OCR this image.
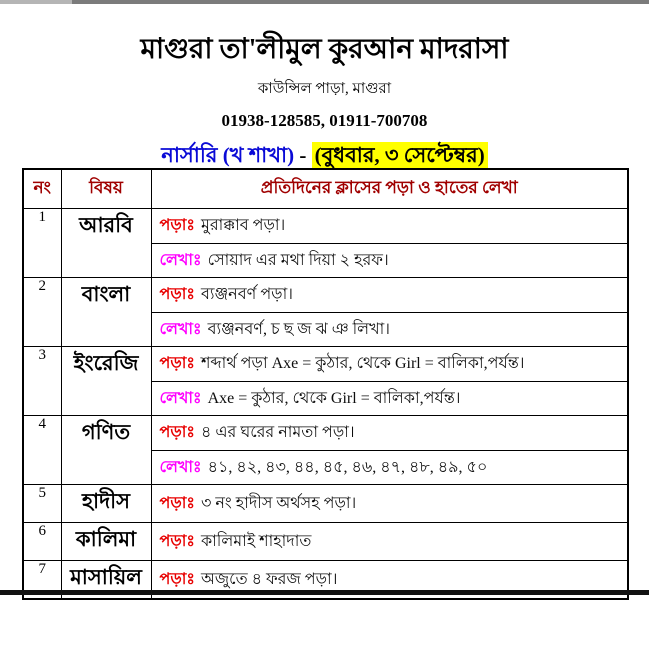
মাগুরা তা'লীমুল কুরআন মাদরাসা
কাউন্সিল পাড়া, মাগুরা
01938-128585, 01911-700708
নার্সারি (খ শাখা) - (বুধবার, ৩ সেপ্টেম্বর)
নং	বিষয়	প্রতিদিনের ক্লাসের পড়া ও হাতের লেখা
1	আরবি	পড়াঃ মুরাক্কাব পড়া।
লেখাঃ সোয়াদ এর মথা দিয়া ২ হরফ।

2	বাংলা	পড়াঃ ব্যঞ্জনবর্ণ পড়া।
লেখাঃ ব্যঞ্জনবর্ণ, চ ছ জ ঝ ঞ লিখা।

3	ইংরেজি	পড়াঃ শব্দার্থ পড়া Axe = কুঠার, থেকে Girl = বালিকা,পর্যন্ত।
লেখাঃ Axe = কুঠার, থেকে Girl = বালিকা,পর্যন্ত।

4	গণিত	পড়াঃ ৪ এর ঘরের নামতা পড়া।
লেখাঃ ৪১, ৪২, ৪৩, ৪৪, ৪৫, ৪৬, ৪৭, ৪৮, ৪৯, ৫০

5	হাদীস	পড়াঃ ৩ নং হাদীস অর্থসহ পড়া।

6	কালিমা	পড়াঃ কালিমাই শাহাদাত

7	মাসায়িল	পড়াঃ অজুতে ৪ ফরজ পড়া।
